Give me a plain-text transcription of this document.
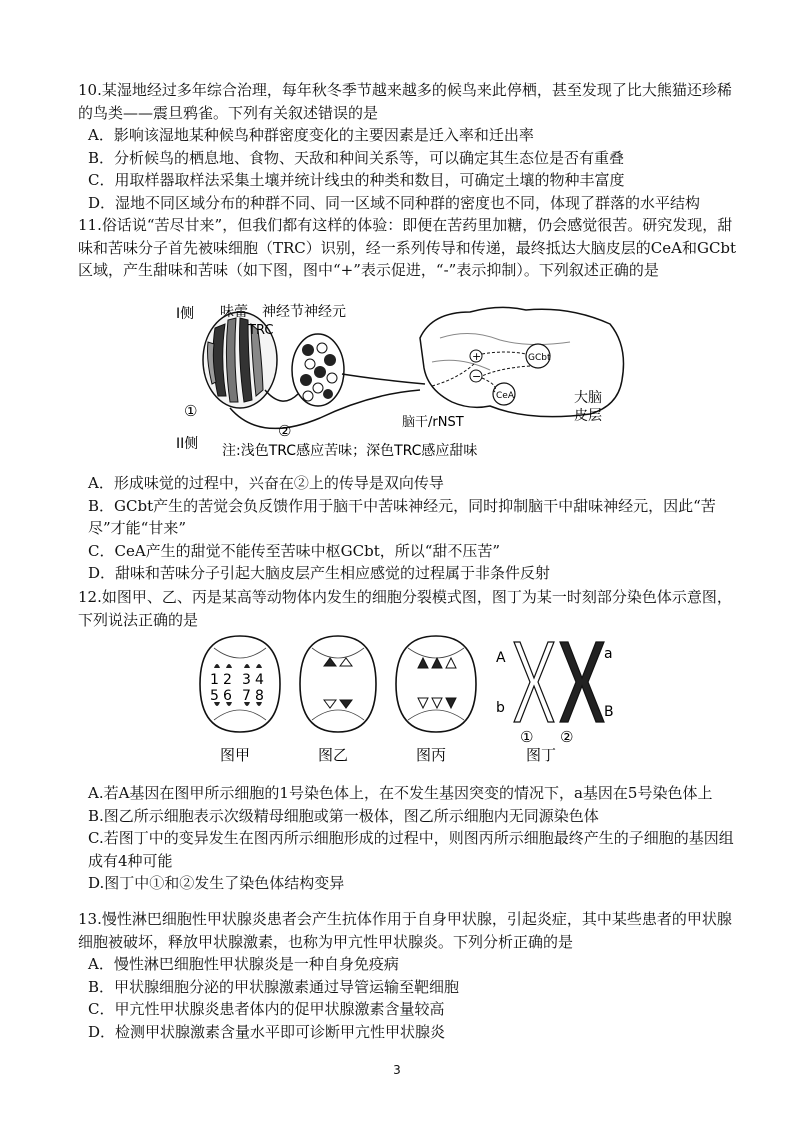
10.某湿地经过多年综合治理，每年秋冬季节越来越多的候鸟来此停栖，甚至发现了比大熊猫还珍稀的鸟类——震旦鸦雀。下列有关叙述错误的是
A．影响该湿地某种候鸟种群密度变化的主要因素是迁入率和迁出率
B．分析候鸟的栖息地、食物、天敌和种间关系等，可以确定其生态位是否有重叠
C．用取样器取样法采集土壤并统计线虫的种类和数目，可确定土壤的物种丰富度
D．湿地不同区域分布的种群不同、同一区域不同种群的密度也不同，体现了群落的水平结构
11.俗话说“苦尽甘来”，但我们都有这样的体验：即便在苦药里加糖，仍会感觉很苦。研究发现，甜味和苦味分子首先被味细胞（TRC）识别，经一系列传导和传递，最终抵达大脑皮层的CeA和GCbt区域，产生甜味和苦味（如下图，图中“+”表示促进，“-”表示抑制）。下列叙述正确的是
GCbt
CeA
+
−
I侧
II侧
味蕾 神经节神经元
TRC
①
②	脑干/rNST
大脑
皮层
注:浅色TRC感应苦味；深色TRC感应甜味
A．形成味觉的过程中，兴奋在②上的传导是双向传导
B．GCbt产生的苦觉会负反馈作用于脑干中苦味神经元，同时抑制脑干中甜味神经元，因此“苦尽”才能“甘来”
C．CeA产生的甜觉不能传至苦味中枢GCbt，所以“甜不压苦”
D．甜味和苦味分子引起大脑皮层产生相应感觉的过程属于非条件反射
12.如图甲、乙、丙是某高等动物体内发生的细胞分裂模式图，图丁为某一时刻部分染色体示意图，下列说法正确的是
1 2 3 4
5 6 7 8
图甲	图乙	图丙
A	a
b	B
① ②
图丁
A.若A基因在图甲所示细胞的1号染色体上，在不发生基因突变的情况下，a基因在5号染色体上
B.图乙所示细胞表示次级精母细胞或第一极体，图乙所示细胞内无同源染色体
C.若图丁中的变异发生在图丙所示细胞形成的过程中，则图丙所示细胞最终产生的子细胞的基因组成有4种可能
D.图丁中①和②发生了染色体结构变异
13.慢性淋巴细胞性甲状腺炎患者会产生抗体作用于自身甲状腺，引起炎症，其中某些患者的甲状腺细胞被破坏，释放甲状腺激素，也称为甲亢性甲状腺炎。下列分析正确的是
A．慢性淋巴细胞性甲状腺炎是一种自身免疫病
B．甲状腺细胞分泌的甲状腺激素通过导管运输至靶细胞
C．甲亢性甲状腺炎患者体内的促甲状腺激素含量较高
D．检测甲状腺激素含量水平即可诊断甲亢性甲状腺炎
3
